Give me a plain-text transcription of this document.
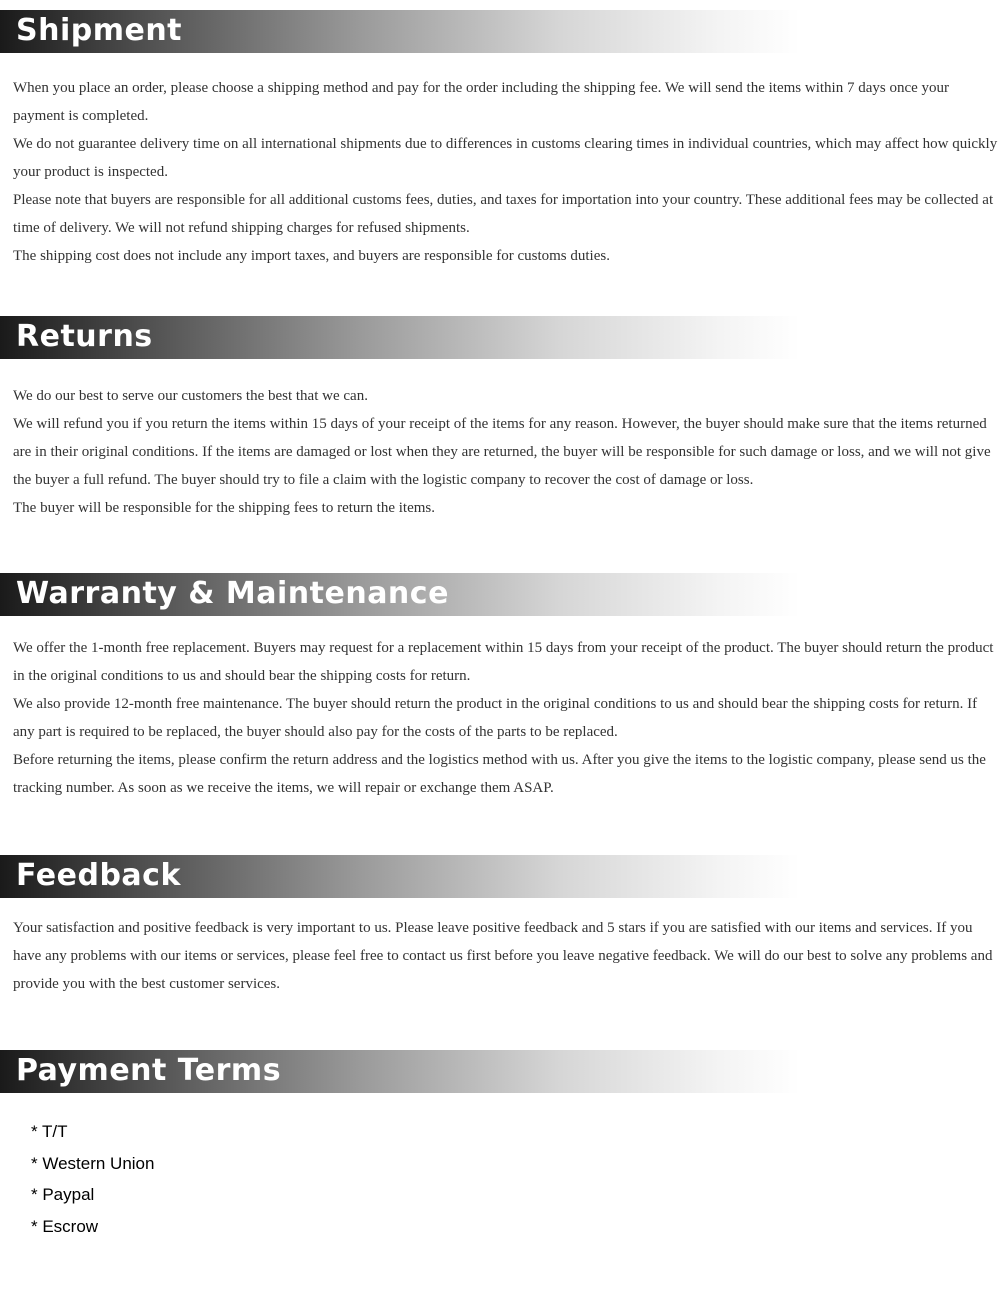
Shipment

When you place an order, please choose a shipping method and pay for the order including the shipping fee. We will send the items within 7 days once your payment is completed.

We do not guarantee delivery time on all international shipments due to differences in customs clearing times in individual countries, which may affect how quickly your product is inspected.

Please note that buyers are responsible for all additional customs fees, duties, and taxes for importation into your country. These additional fees may be collected at time of delivery. We will not refund shipping charges for refused shipments.

The shipping cost does not include any import taxes, and buyers are responsible for customs duties.

Returns

We do our best to serve our customers the best that we can.

We will refund you if you return the items within 15 days of your receipt of the items for any reason. However, the buyer should make sure that the items returned are in their original conditions. If the items are damaged or lost when they are returned, the buyer will be responsible for such damage or loss, and we will not give the buyer a full refund. The buyer should try to file a claim with the logistic company to recover the cost of damage or loss.

The buyer will be responsible for the shipping fees to return the items.

Warranty & Maintenance

We offer the 1-month free replacement. Buyers may request for a replacement within 15 days from your receipt of the product. The buyer should return the product in the original conditions to us and should bear the shipping costs for return.

We also provide 12-month free maintenance. The buyer should return the product in the original conditions to us and should bear the shipping costs for return. If any part is required to be replaced, the buyer should also pay for the costs of the parts to be replaced.

Before returning the items, please confirm the return address and the logistics method with us. After you give the items to the logistic company, please send us the tracking number. As soon as we receive the items, we will repair or exchange them ASAP.

Feedback

Your satisfaction and positive feedback is very important to us. Please leave positive feedback and 5 stars if you are satisfied with our items and services. If you have any problems with our items or services, please feel free to contact us first before you leave negative feedback. We will do our best to solve any problems and provide you with the best customer services.

Payment Terms
* T/T
* Western Union
* Paypal
* Escrow
